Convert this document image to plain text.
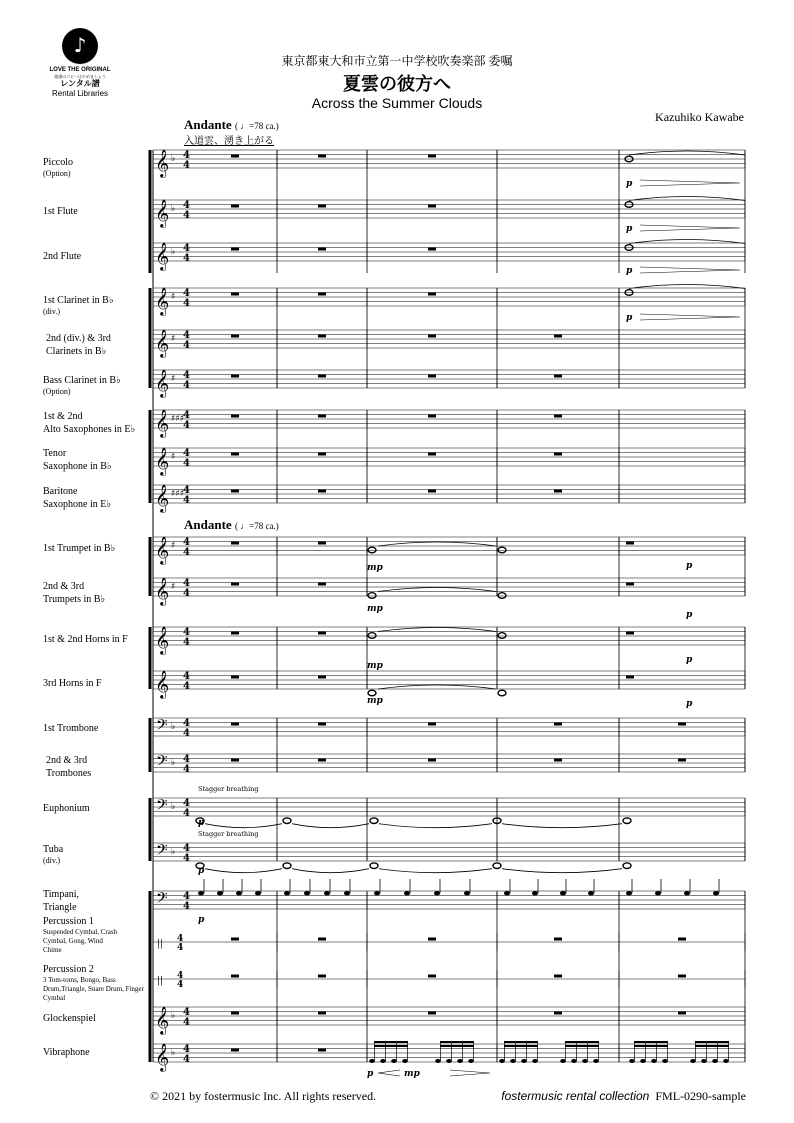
♪
LOVE THE ORIGINAL
楽譜のコピーはやめましょう
レンタル譜
Rental Libraries
東京都東大和市立第一中学校吹奏楽部 委嘱
夏雲の彼方へ
Across the Summer Clouds
Kazuhiko Kawabe
Andante ( ♩=78 ca.)
入道雲、湧き上がる
Andante ( ♩=78 ca.)
Piccolo
(Option)
1st Flute
2nd Flute
1st Clarinet in B♭
(div.)
2nd (div.) & 3rd
Clarinets in B♭
Bass Clarinet in B♭
(Option)
1st & 2nd
Alto Saxophones in E♭
Tenor
Saxophone in B♭
Baritone
Saxophone in E♭
1st Trumpet in B♭
2nd & 3rd
Trumpets in B♭
1st & 2nd Horns in F
3rd Horns in F
1st Trombone
2nd & 3rd
Trombones
Euphonium
Tuba
(div.)
Timpani,
Triangle
Percussion 1
Suspended Cymbal, Crash Cymbal, Gong, Wind Chime
Percussion 2
3 Tom-toms, Bongo, Bass Drum,Triangle, Snare Drum, Finger Cymbal
Glockenspiel
Vibraphone
𝄞 ♭ 4
4
𝄞 ♭ 4
4
𝄞 ♭ 4
4
𝄞 ♯ 4
4
𝄞 ♯ 4
4
𝄞 ♯ 4
4
𝄞 ♯♯♯
4
4
𝄞 ♯ 4
4
𝄞 ♯♯♯
4
4
𝄞 ♯ 4
4
𝄞 ♯ 4
4
𝄞 4
4
𝄞 4
4
𝄢 ♭ 4
4
𝄢 ♭ 4
4
𝄢 ♭ 4
4
𝄢 ♭ 4
4
𝄢 4
4
|| 4
4
|| 4
4
𝄞 ♭ 4
4
𝄞 ♭ 4
4
p
p
p
p
p
p
p
p
p
p
p
p
mp
mp
mp
mp
mp
Stagger breathing
Stagger breathing
© 2021 by fostermusic Inc. All rights reserved.	fostermusic rental collection FML-0290-sample
